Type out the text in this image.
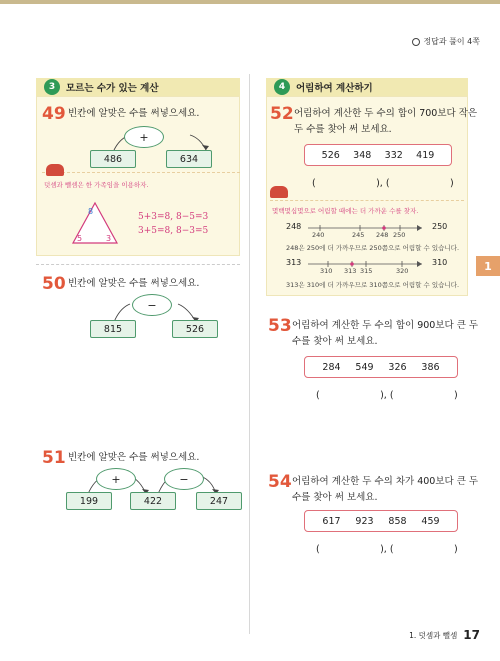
정답과 풀이 4쪽
3	모르는 수가 있는 계산
49 빈칸에 알맞은 수를 써넣으세요.
+
486	634
덧셈과 뺄셈은 한 가족임을 이용하자.
8
5	3
5+3=8, 8−5=3
3+5=8, 8−3=5
50 빈칸에 알맞은 수를 써넣으세요.
−
815	526
51 빈칸에 알맞은 수를 써넣으세요.
+	−
199	422	247
4	어림하여 계산하기
52 어림하여 계산한 두 수의 합이 700보다 작은
두 수를 찾아 써 보세요.
526 348 332 419
(                    ), (                    )
몇백몇십몇으로 어림할 때에는 더 가까운 수를 찾자.
248	250
240	245 248 250
248은 250에 더 가까우므로 250쯤으로 어림할 수 있습니다.
313	310
310 313 315	320
313은 310에 더 가까우므로 310쯤으로 어림할 수 있습니다.
53 어림하여 계산한 두 수의 합이 900보다 큰 두
수를 찾아 써 보세요.
284 549 326 386
(                    ), (                    )
54 어림하여 계산한 두 수의 차가 400보다 큰 두
수를 찾아 써 보세요.
617 923 858 459
(                    ), (                    )
1
1. 덧셈과 뺄셈 17
